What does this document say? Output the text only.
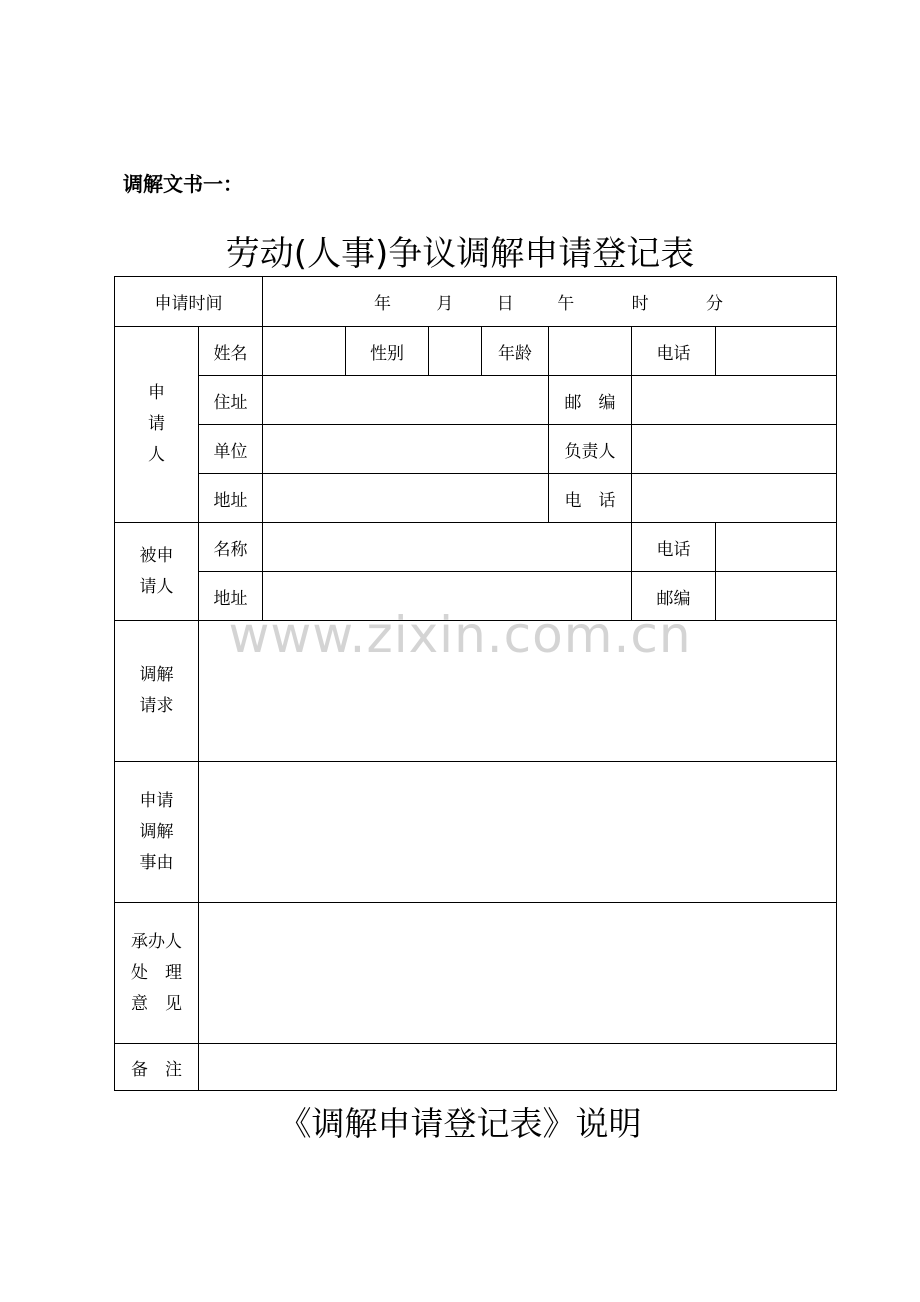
调解文书一：
劳动(人事)争议调解申请登记表
申请时间		年 月 日 午 时 分						

申
请
人	姓名		性别		年龄		电话	
	住址					邮　编		
	单位					负责人		
	地址					电　话		

被申
请人	名称						电话	
	地址						邮编	

调解
请求								

申请
调解
事由								

承办人
处　理
意　见								

备　注								
www.zixin.com.cn
《调解申请登记表》说明
